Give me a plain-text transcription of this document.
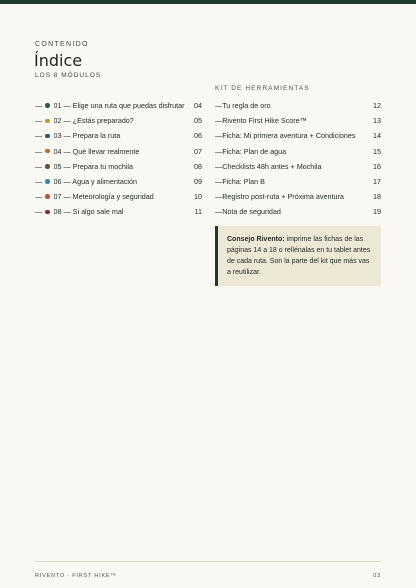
CONTENIDO
Índice
LOS 8 MÓDULOS
KIT DE HERRAMIENTAS
—	01 — Elige una ruta que puedas disfrutar	04
—	02 — ¿Estás preparado?	05
—	03 — Prepara la ruta	06
—	04 — Qué llevar realmente	07
—	05 — Prepara tu mochila	08
—	06 — Agua y alimentación	09
—	07 — Meteorología y seguridad	10
—	08 — Si algo sale mal	11
—Tu regla de oro	12
—Rivento First Hike Score™	13
—Ficha: Mi primera aventura + Condiciones	14
—Ficha: Plan de agua	15
—Checklists 48h antes + Mochila	16
—Ficha: Plan B	17
—Registro post-ruta + Próxima aventura	18
—Nota de seguridad	19
Consejo Rivento: imprime las fichas de las páginas 14 a 18 o rellénalas en tu tablet antes de cada ruta. Son la parte del kit que más vas a reutilizar.
RIVENTO · FIRST HIKE™	03
